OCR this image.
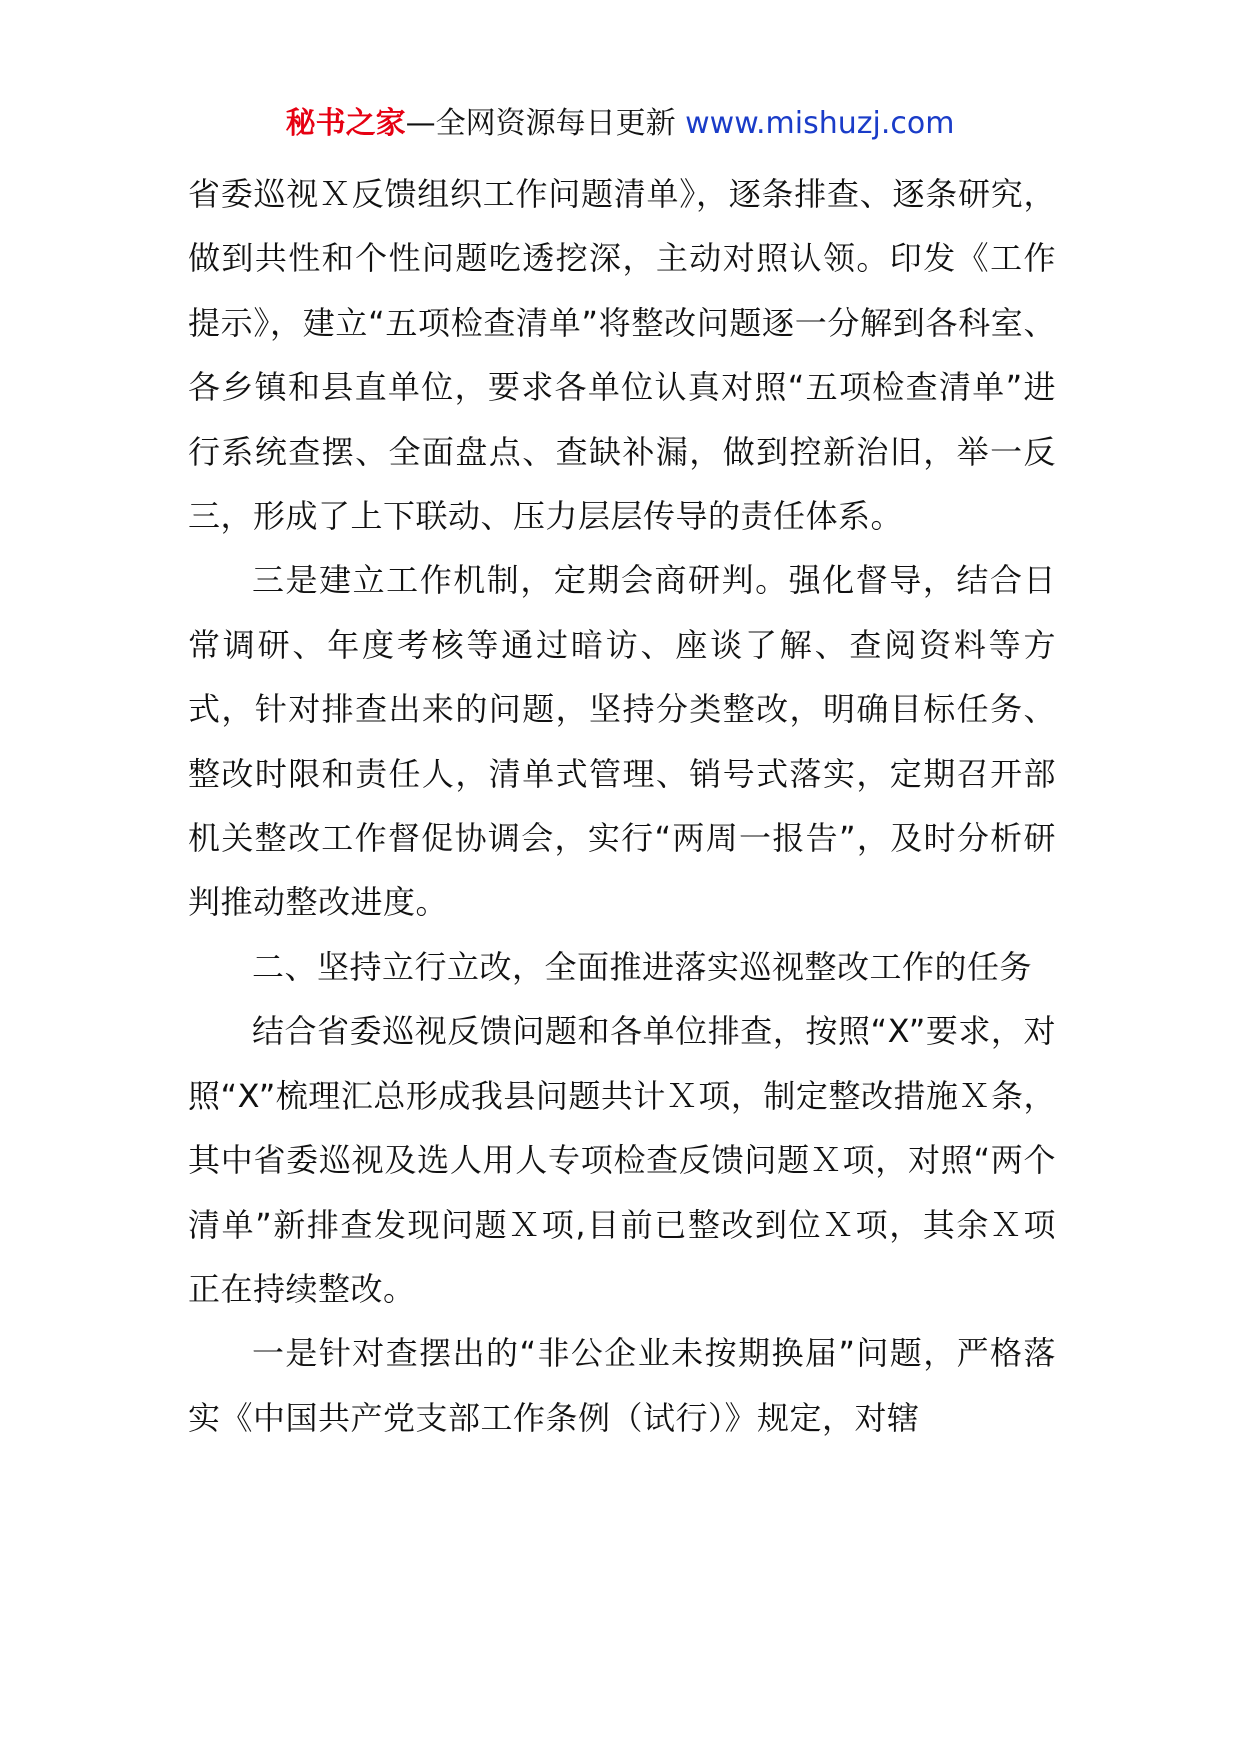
秘书之家—全网资源每日更新 www.mishuzj.com

省委巡视Ｘ反馈组织工作问题清单》，逐条排查、逐条研究，做到共性和个性问题吃透挖深，主动对照认领。印发《工作提示》，建立“五项检查清单”将整改问题逐一分解到各科室、各乡镇和县直单位，要求各单位认真对照“五项检查清单”进行系统查摆、全面盘点、查缺补漏，做到控新治旧，举一反三，形成了上下联动、压力层层传导的责任体系。

三是建立工作机制，定期会商研判。强化督导，结合日常调研、年度考核等通过暗访、座谈了解、查阅资料等方式，针对排查出来的问题，坚持分类整改，明确目标任务、整改时限和责任人，清单式管理、销号式落实，定期召开部机关整改工作督促协调会，实行“两周一报告”，及时分析研判推动整改进度。

二、坚持立行立改，全面推进落实巡视整改工作的任务

结合省委巡视反馈问题和各单位排查，按照“X”要求，对照“X”梳理汇总形成我县问题共计Ｘ项，制定整改措施Ｘ条，其中省委巡视及选人用人专项检查反馈问题Ｘ项，对照“两个清单”新排查发现问题Ｘ项,目前已整改到位Ｘ项，其余Ｘ项正在持续整改。

一是针对查摆出的“非公企业未按期换届”问题，严格落实《中国共产党支部工作条例（试行）》规定，对辖
